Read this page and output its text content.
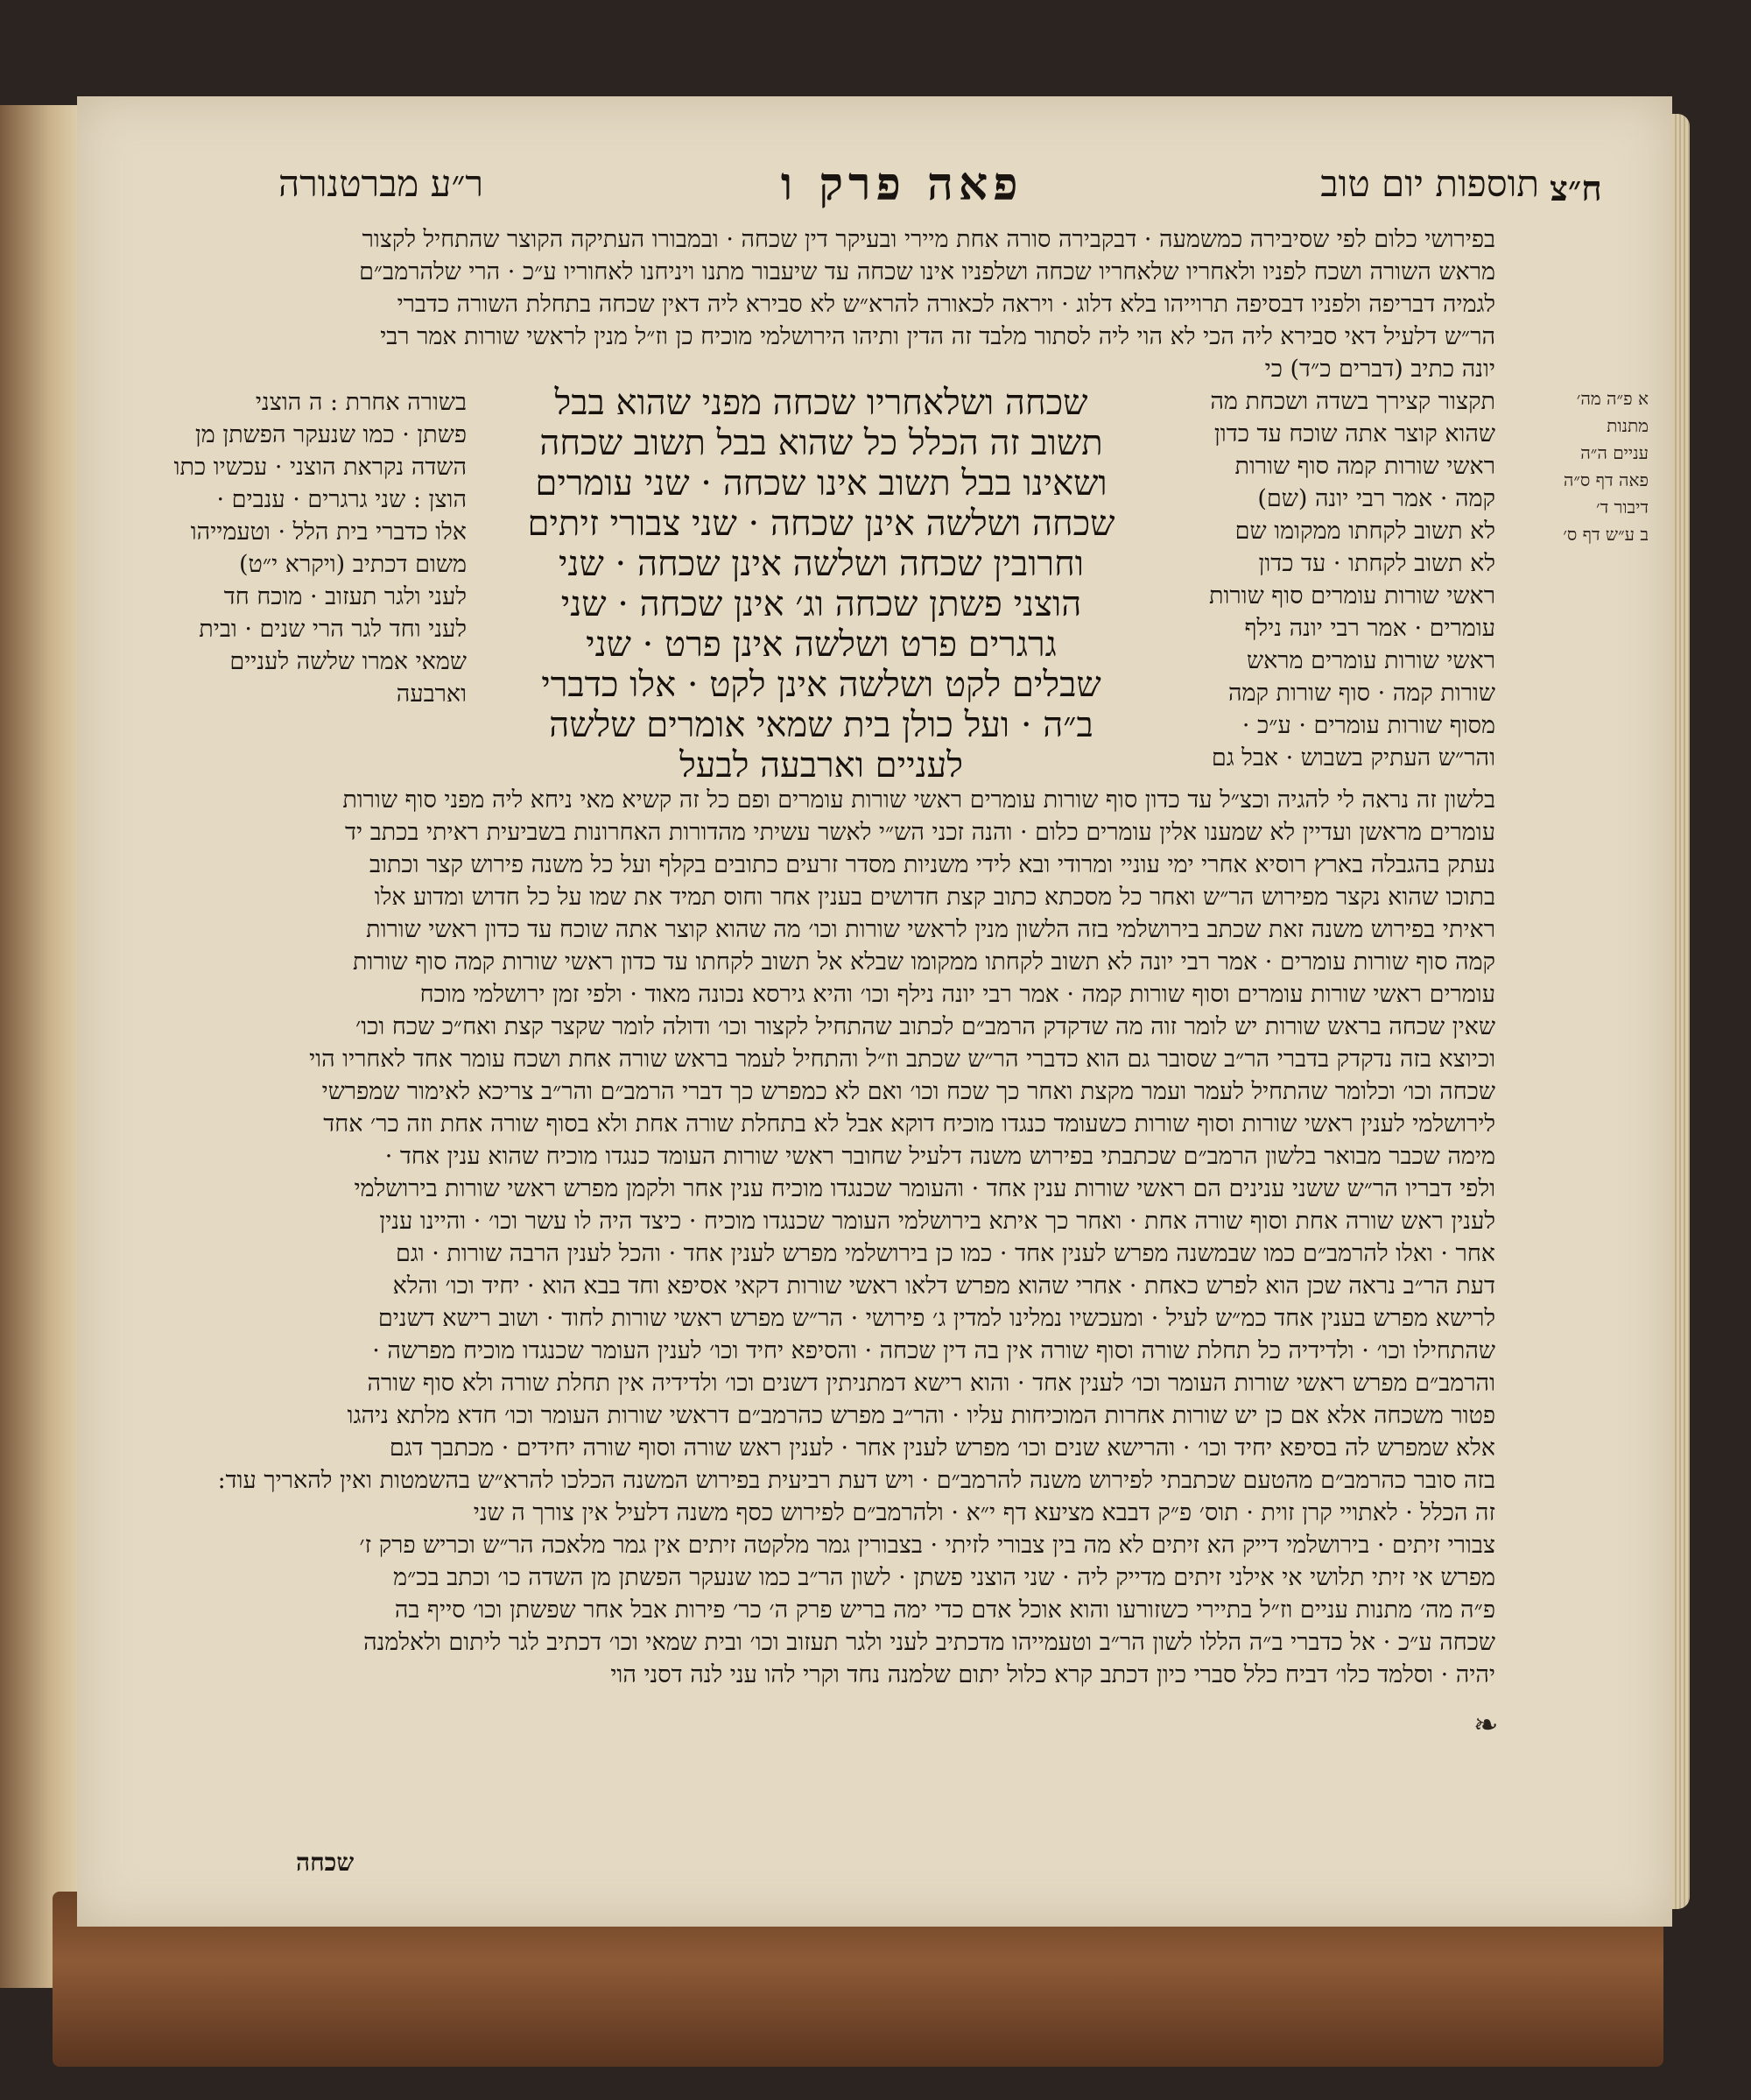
תוספות יום טוב
פאה פרק ו
ר״ע מברטנורה	ח״צ
בפירושי כלום לפי שסיבירה כמשמעה · דבקבירה סורה אחת מיירי ובעיקר דין שכחה · ובמבורו העתיקה הקוצר שהתחיל לקצור
מראש השורה ושכח לפניו ולאחריו שלאחריו שכחה ושלפניו אינו שכחה עד שיעבור מתנו ויניחנו לאחוריו ע״כ · הרי שלהרמב״ם
לגמיה דבריפה ולפניו דבסיפה תרוייהו בלא דלוג · ויראה לכאורה להרא״ש לא סבירא ליה דאין שכחה בתחלת השורה כדברי
הר״ש דלעיל דאי סבירא ליה הכי לא הוי ליה לסתור מלבד זה הדין ותיהו הירושלמי מוכיח כן וז״ל מנין לראשי שורות אמר רבי
יונה כתיב (דברים כ״ד) כי
תקצור קצירך בשדה ושכחת מה
שהוא קוצר אתה שוכח עד כדון
ראשי שורות קמה סוף שורות
קמה · אמר רבי יונה (שם)
לא תשוב לקחתו ממקומו שם
לא תשוב לקחתו · עד כדון
ראשי שורות עומרים סוף שורות
עומרים · אמר רבי יונה נילף
ראשי שורות עומרים מראש
שורות קמה · סוף שורות קמה
מסוף שורות עומרים · ע״כ ·
והר״ש העתיק בשבוש · אבל גם
שכחה ושלאחריו שכחה מפני שהוא בבל
תשוב זה הכלל כל שהוא בבל תשוב שכחה
ושאינו בבל תשוב אינו שכחה · שני עומרים
שכחה ושלשה אינן שכחה · שני צבורי זיתים
וחרובין שכחה ושלשה אינן שכחה · שני
הוצני פשתן שכחה וג׳ אינן שכחה · שני
גרגרים פרט ושלשה אינן פרט · שני
שבלים לקט ושלשה אינן לקט · אלו כדברי
ב״ה · ועל כולן בית שמאי אומרים שלשה
לעניים וארבעה לבעל
בשורה אחרת : ה הוצני
פשתן · כמו שנעקר הפשתן מן
השדה נקראת הוצני · עכשיו כתו
הוצן : שני גרגרים · ענבים ·
אלו כדברי בית הלל · וטעמייהו
משום דכתיב (ויקרא י״ט)
לעני ולגר תעזוב · מוכח חד
לעני וחד לגר הרי שנים · ובית
שמאי אמרו שלשה לעניים
וארבעה
בלשון זה נראה לי להגיה וכצ״ל עד כדון סוף שורות עומרים ראשי שורות עומרים ופם כל זה קשיא מאי ניחא ליה מפני סוף שורות
עומרים מראשן ועדיין לא שמענו אלין עומרים כלום · והנה זכני הש״י לאשר עשיתי מהדורות האחרונות בשביעית ראיתי בכתב יד
נעתק בהגבלה בארץ רוסיא אחרי ימי עוניי ומרודי ובא לידי משניות מסדר זרעים כתובים בקלף ועל כל משנה פירוש קצר וכתוב
בתוכו שהוא נקצר מפירוש הר״ש ואחר כל מסכתא כתוב קצת חדושים בענין אחר וחוס תמיד את שמו על כל חדוש ומדוע אלו
ראיתי בפירוש משנה זאת שכתב בירושלמי בזה הלשון מנין לראשי שורות וכו׳ מה שהוא קוצר אתה שוכח עד כדון ראשי שורות
קמה סוף שורות עומרים · אמר רבי יונה לא תשוב לקחתו ממקומו שבלא אל תשוב לקחתו עד כדון ראשי שורות קמה סוף שורות
עומרים ראשי שורות עומרים וסוף שורות קמה · אמר רבי יונה נילף וכו׳ והיא גירסא נכונה מאוד · ולפי זמן ירושלמי מוכח
שאין שכחה בראש שורות יש לומר זוה מה שדקדק הרמב״ם לכתוב שהתחיל לקצור וכו׳ ודולה לומר שקצר קצת ואח״כ שכח וכו׳
וכיוצא בזה נדקדק בדברי הר״ב שסובר גם הוא כדברי הר״ש שכתב וז״ל והתחיל לעמר בראש שורה אחת ושכח עומר אחד לאחריו הוי
שכחה וכו׳ וכלומר שהתחיל לעמר ועמר מקצת ואחר כך שכח וכו׳ ואם לא כמפרש כך דברי הרמב״ם והר״ב צריכא לאימור שמפרשי
לירושלמי לענין ראשי שורות וסוף שורות כשעומד כנגדו מוכיח דוקא אבל לא בתחלת שורה אחת ולא בסוף שורה אחת וזה כר׳ אחד
מימה שכבר מבואר בלשון הרמב״ם שכתבתי בפירוש משנה דלעיל שחובר ראשי שורות העומד כנגדו מוכיח שהוא ענין אחד ·
ולפי דבריו הר״ש ששני ענינים הם ראשי שורות ענין אחד · והעומר שכנגדו מוכיח ענין אחר ולקמן מפרש ראשי שורות בירושלמי
לענין ראש שורה אחת וסוף שורה אחת · ואחר כך איתא בירושלמי העומר שכנגדו מוכיח · כיצד היה לו עשר וכו׳ · והיינו ענין
אחר · ואלו להרמב״ם כמו שבמשנה מפרש לענין אחד · כמו כן בירושלמי מפרש לענין אחד · והכל לענין הרבה שורות · וגם
דעת הר״ב נראה שכן הוא לפרש כאחת · אחרי שהוא מפרש דלאו ראשי שורות דקאי אסיפא וחד בבא הוא · יחיד וכו׳ והלא
לרישא מפרש בענין אחד כמ״ש לעיל · ומעכשיו נמלינו למדין ג׳ פירושי · הר״ש מפרש ראשי שורות לחוד · ושוב רישא דשנים
שהתחילו וכו׳ · ולדידיה כל תחלת שורה וסוף שורה אין בה דין שכחה · והסיפא יחיד וכו׳ לענין העומר שכנגדו מוכיח מפרשה ·
והרמב״ם מפרש ראשי שורות העומר וכו׳ לענין אחד · והוא רישא דמתניתין דשנים וכו׳ ולדידיה אין תחלת שורה ולא סוף שורה
פטור משכחה אלא אם כן יש שורות אחרות המוכיחות עליו · והר״ב מפרש כהרמב״ם דראשי שורות העומר וכו׳ חדא מלתא ניהגו
אלא שמפרש לה בסיפא יחיד וכו׳ · והרישא שנים וכו׳ מפרש לענין אחר · לענין ראש שורה וסוף שורה יחידים · מכתבך דגם
בזה סובר כהרמב״ם מהטעם שכתבתי לפירוש משנה להרמב״ם · ויש דעת רביעית בפירוש המשנה הכלכו להרא״ש בהשמטות ואין להאריך עוד:
זה הכלל · לאתויי קרן זוית · תוס׳ פ״ק דבבא מציעא דף י״א · ולהרמב״ם לפירוש כסף משנה דלעיל אין צורך ה שני
צבורי זיתים · בירושלמי דייק הא זיתים לא מה בין צבורי לזיתי · בצבורין גמר מלקטה זיתים אין גמר מלאכה הר״ש וכריש פרק ז׳
מפרש אי זיתי תלושי אי אילני זיתים מדייק ליה · שני הוצני פשתן · לשון הר״ב כמו שנעקר הפשתן מן השדה כו׳ וכתב בכ״מ
פ״ה מה׳ מתנות עניים וז״ל בתיירי כשזורעו והוא אוכל אדם כדי ימה בריש פרק ה׳ כר׳ פירות אבל אחר שפשתן וכו׳ סייף בה
שכחה ע״כ · אל כדברי ב״ה הללו לשון הר״ב וטעמייהו מדכתיב לעני ולגר תעזוב וכו׳ ובית שמאי וכו׳ דכתיב לגר ליתום ולאלמנה
יהיה · וסלמד כלו׳ דביח כלל סברי כיון דכתב קרא כלול יתום שלמנה נחד וקרי להו עני לנה דסני הוי
א פ״ה מה׳ מתנות
עניים ה״ה
פאה דף ס״ה
דיבור ד׳
ב ע״ש דף ס׳
❧
שכחה
